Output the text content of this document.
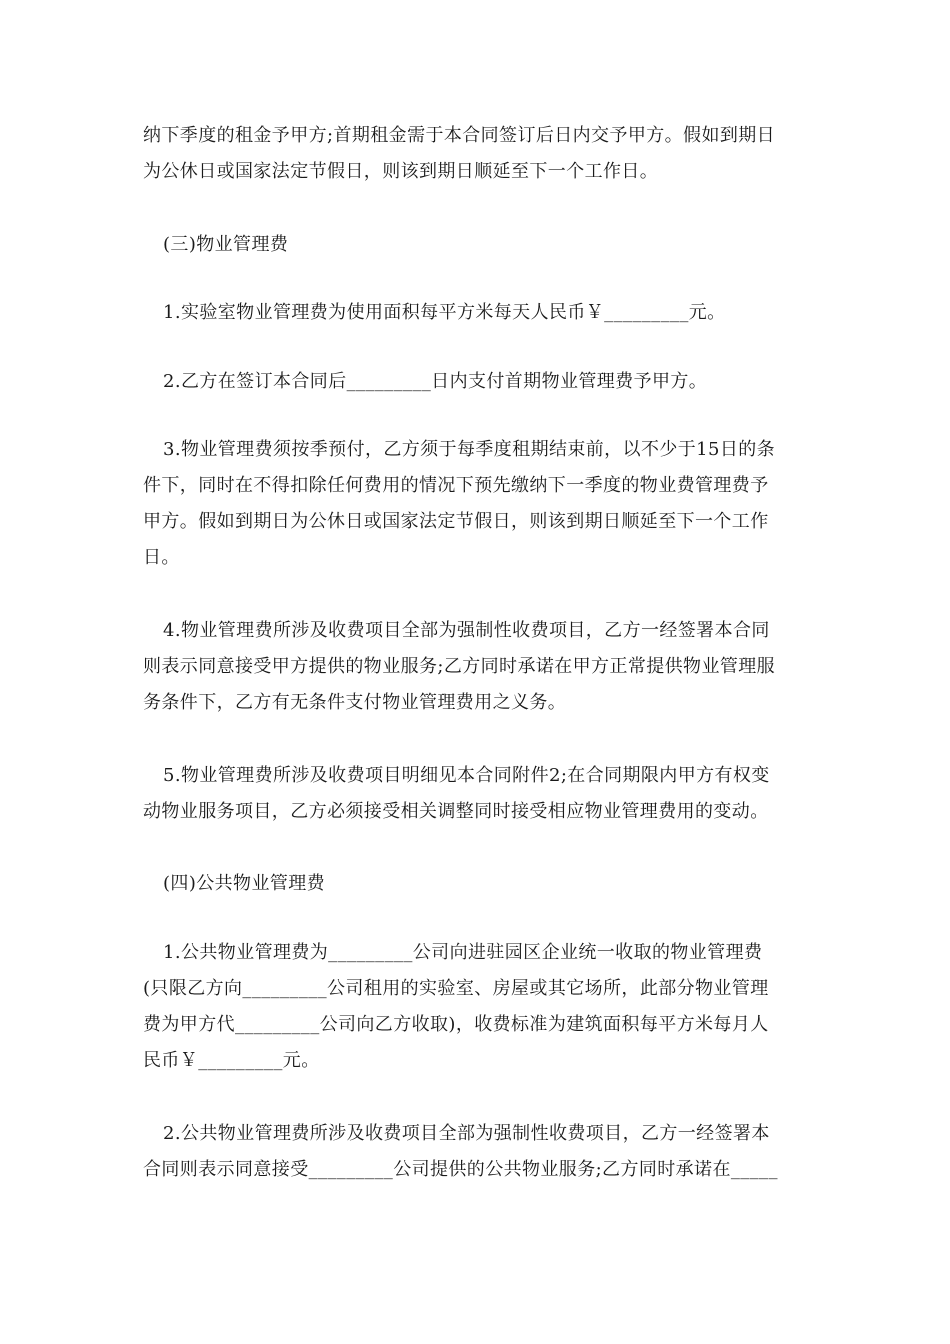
纳下季度的租金予甲方;首期租金需于本合同签订后日内交予甲方。假如到期日
为公休日或国家法定节假日，则该到期日顺延至下一个工作日。
(三)物业管理费
1.实验室物业管理费为使用面积每平方米每天人民币￥_________元。
2.乙方在签订本合同后_________日内支付首期物业管理费予甲方。
3.物业管理费须按季预付，乙方须于每季度租期结束前，以不少于15日的条
件下，同时在不得扣除任何费用的情况下预先缴纳下一季度的物业费管理费予
甲方。假如到期日为公休日或国家法定节假日，则该到期日顺延至下一个工作
日。
4.物业管理费所涉及收费项目全部为强制性收费项目，乙方一经签署本合同
则表示同意接受甲方提供的物业服务;乙方同时承诺在甲方正常提供物业管理服
务条件下，乙方有无条件支付物业管理费用之义务。
5.物业管理费所涉及收费项目明细见本合同附件2;在合同期限内甲方有权变
动物业服务项目，乙方必须接受相关调整同时接受相应物业管理费用的变动。
(四)公共物业管理费
1.公共物业管理费为_________公司向进驻园区企业统一收取的物业管理费
(只限乙方向_________公司租用的实验室、房屋或其它场所，此部分物业管理
费为甲方代_________公司向乙方收取)，收费标准为建筑面积每平方米每月人
民币￥_________元。
2.公共物业管理费所涉及收费项目全部为强制性收费项目，乙方一经签署本
合同则表示同意接受_________公司提供的公共物业服务;乙方同时承诺在_____
